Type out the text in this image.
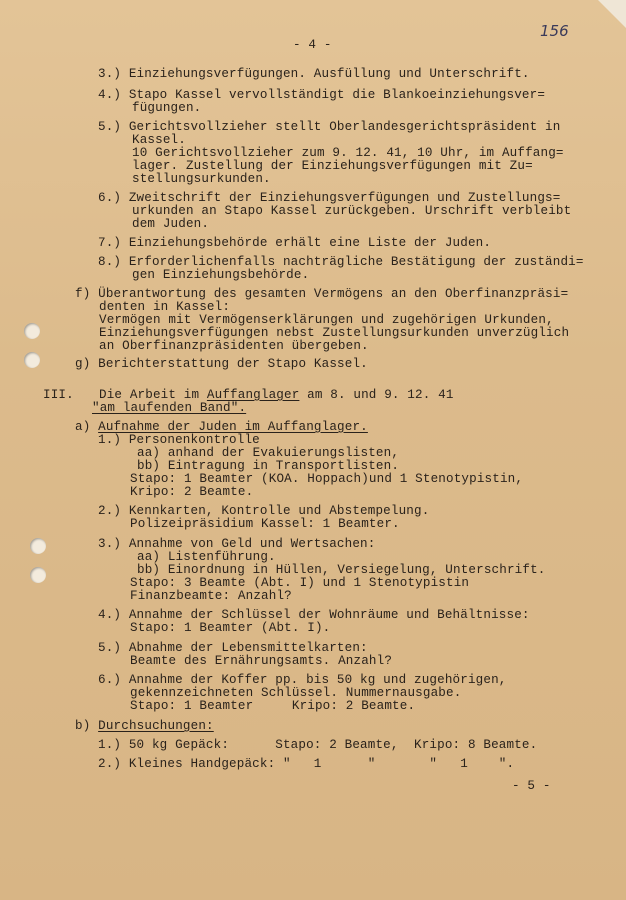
156
- 4 -
3.) Einziehungsverfügungen. Ausfüllung und Unterschrift.
4.) Stapo Kassel vervollständigt die Blankoeinziehungsver=
fügungen.
5.) Gerichtsvollzieher stellt Oberlandesgerichtspräsident in
Kassel.
10 Gerichtsvollzieher zum 9. 12. 41, 10 Uhr, im Auffang=
lager. Zustellung der Einziehungsverfügungen mit Zu=
stellungsurkunden.
6.) Zweitschrift der Einziehungsverfügungen und Zustellungs=
urkunden an Stapo Kassel zurückgeben. Urschrift verbleibt
dem Juden.
7.) Einziehungsbehörde erhält eine Liste der Juden.
8.) Erforderlichenfalls nachträgliche Bestätigung der zuständi=
gen Einziehungsbehörde.
f) Überantwortung des gesamten Vermögens an den Oberfinanzpräsi=
denten in Kassel:
Vermögen mit Vermögenserklärungen und zugehörigen Urkunden,
Einziehungsverfügungen nebst Zustellungsurkunden unverzüglich
an Oberfinanzpräsidenten übergeben.
g) Berichterstattung der Stapo Kassel.
III. Die Arbeit im Auffanglager am 8. und 9. 12. 41
"am laufenden Band".
a) Aufnahme der Juden im Auffanglager.
1.) Personenkontrolle
aa) anhand der Evakuierungslisten,
bb) Eintragung in Transportlisten.
Stapo: 1 Beamter (KOA. Hoppach)und 1 Stenotypistin,
Kripo: 2 Beamte.
2.) Kennkarten, Kontrolle und Abstempelung.
Polizeipräsidium Kassel: 1 Beamter.
3.) Annahme von Geld und Wertsachen:
aa) Listenführung.
bb) Einordnung in Hüllen, Versiegelung, Unterschrift.
Stapo: 3 Beamte (Abt. I) und 1 Stenotypistin
Finanzbeamte: Anzahl?
4.) Annahme der Schlüssel der Wohnräume und Behältnisse:
Stapo: 1 Beamter (Abt. I).
5.) Abnahme der Lebensmittelkarten:
Beamte des Ernährungsamts. Anzahl?
6.) Annahme der Koffer pp. bis 50 kg und zugehörigen,
gekennzeichneten Schlüssel. Nummernausgabe.
Stapo: 1 Beamter     Kripo: 2 Beamte.
b) Durchsuchungen:
1.) 50 kg Gepäck:      Stapo: 2 Beamte,  Kripo: 8 Beamte.
2.) Kleines Handgepäck: "   1      "       "   1    ".
- 5 -
